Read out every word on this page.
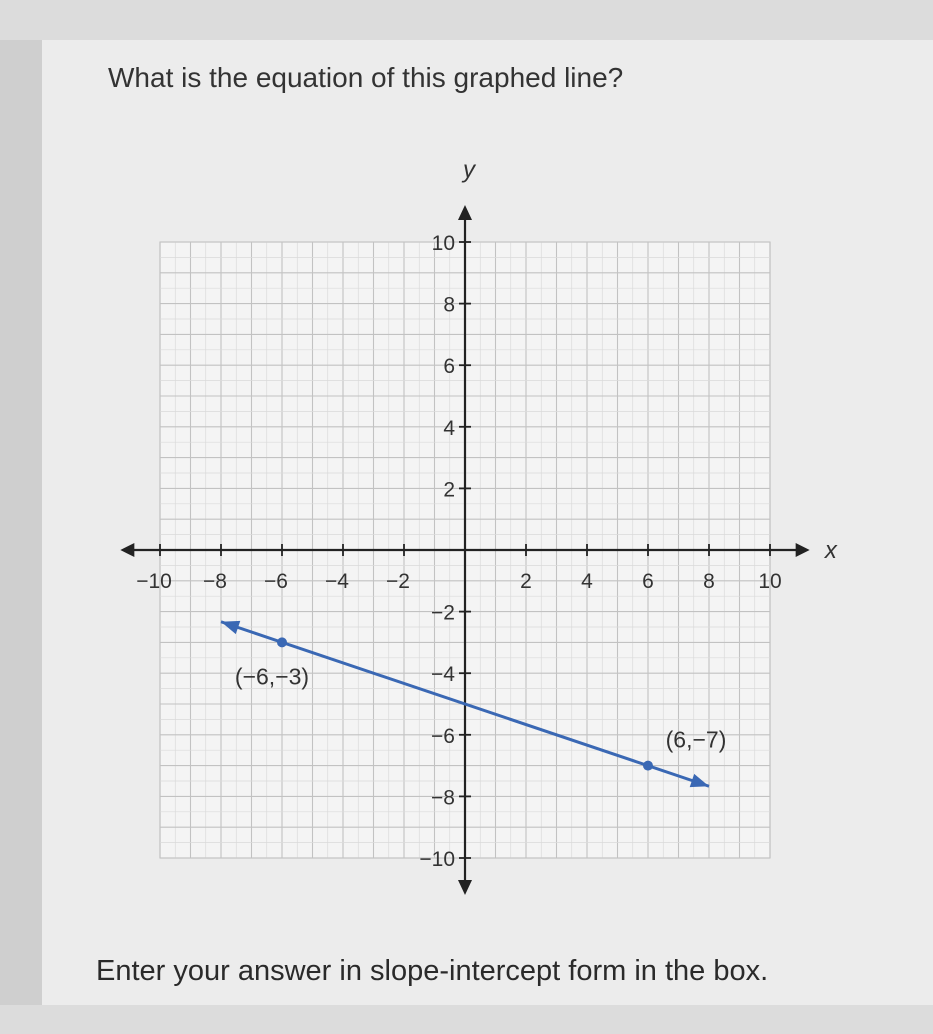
What is the equation of this graphed line?
x
y
−10 −8 −6 −4 −2	2 4 6 8 10
10
8
6
4
2
−2
−4
−6
−8
−10
(−6,−3)
(6,−7)
Enter your answer in slope-intercept form in the box.
